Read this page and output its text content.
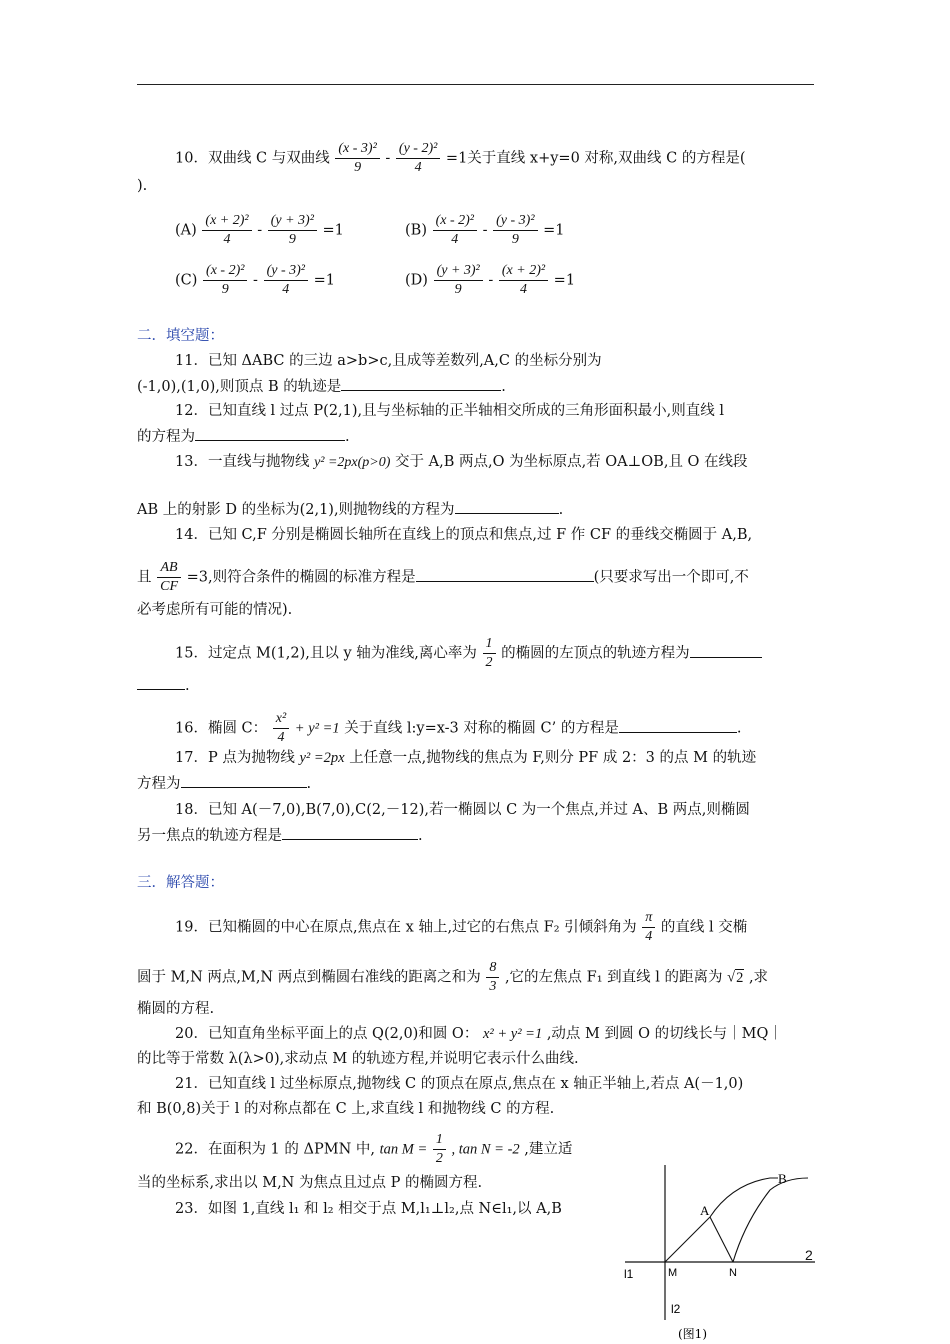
10．双曲线 C 与双曲线 $\frac{\text{(x - 3)²}}{9} - \frac{\text{(y - 2)²}}{4} =1$关于直线 x+y=0 对称,双曲线 C 的方程是(
).
$(A) \frac{\text{(x + 2)²}}{4} - \frac{\text{(y + 3)²}}{9} =1$	$(B) \frac{\text{(x - 2)²}}{4} - \frac{\text{(y - 3)²}}{9} =1$
$(C) \frac{\text{(x - 2)²}}{9} - \frac{\text{(y - 3)²}}{4} =1$	$(D) \frac{\text{(y + 3)²}}{9} - \frac{\text{(x + 2)²}}{4} =1$
二．填空题：
11．已知 ΔABC 的三边 a>b>c,且成等差数列,A,C 的坐标分别为
(-1,0),(1,0),则顶点 B 的轨迹是	.
12．已知直线 l 过点 P(2,1),且与坐标轴的正半轴相交所成的三角形面积最小,则直线 l
的方程为	.
13．一直线与抛物线 y² =2px(p>0) 交于 A,B 两点,O 为坐标原点,若 OA⊥OB,且 O 在线段
AB 上的射影 D 的坐标为(2,1),则抛物线的方程为	.
14．已知 C,F 分别是椭圆长轴所在直线上的顶点和焦点,过 F 作 CF 的垂线交椭圆于 A,B,
且 $\frac{AB}{CF} =3$,则符合条件的椭圆的标准方程是	(只要求写出一个即可,不
必考虑所有可能的情况).
15．过定点 M(1,2),且以 y 轴为准线,离心率为 $\frac{1}{2}$ 的椭圆的左顶点的轨迹方程为
.
16．椭圆 C： $\frac{\text{x²}}{4} + y^2 =1$ 关于直线 l:y=x-3 对称的椭圆 C’ 的方程是	.
17．P 点为抛物线 y² =2px 上任意一点,抛物线的焦点为 F,则分 PF 成 2：3 的点 M 的轨迹
方程为	.
18．已知 A(－7,0),B(7,0),C(2,－12),若一椭圆以 C 为一个焦点,并过 A、B 两点,则椭圆
另一焦点的轨迹方程是	.
三．解答题：
19．已知椭圆的中心在原点,焦点在 x 轴上,过它的右焦点 F₂ 引倾斜角为 $\frac{\pi}{4}$ 的直线 l 交椭
圆于 M,N 两点,M,N 两点到椭圆右准线的距离之和为 $\frac{8}{3}$ ,它的左焦点 F₁ 到直线 l 的距离为 √2 ,求
椭圆的方程.
20．已知直角坐标平面上的点 Q(2,0)和圆 O： x² + y² =1 ,动点 M 到圆 O 的切线长与｜MQ｜
的比等于常数 λ(λ>0),求动点 M 的轨迹方程,并说明它表示什么曲线.
21．已知直线 l 过坐标原点,抛物线 C 的顶点在原点,焦点在 x 轴正半轴上,若点 A(－1,0)
和 B(0,8)关于 l 的对称点都在 C 上,求直线 l 和抛物线 C 的方程.
22．在面积为 1 的 ΔPMN 中, $\tan M = \frac{1}{2}$ , tan N = -2 ,建立适
当的坐标系,求出以 M,N 为焦点且过点 P 的椭圆方程.
23．如图 1,直线 l₁ 和 l₂ 相交于点 M,l₁⊥l₂,点 N∈l₁,以 A,B	A
B
M	N
l1
l2
(图1)
2
